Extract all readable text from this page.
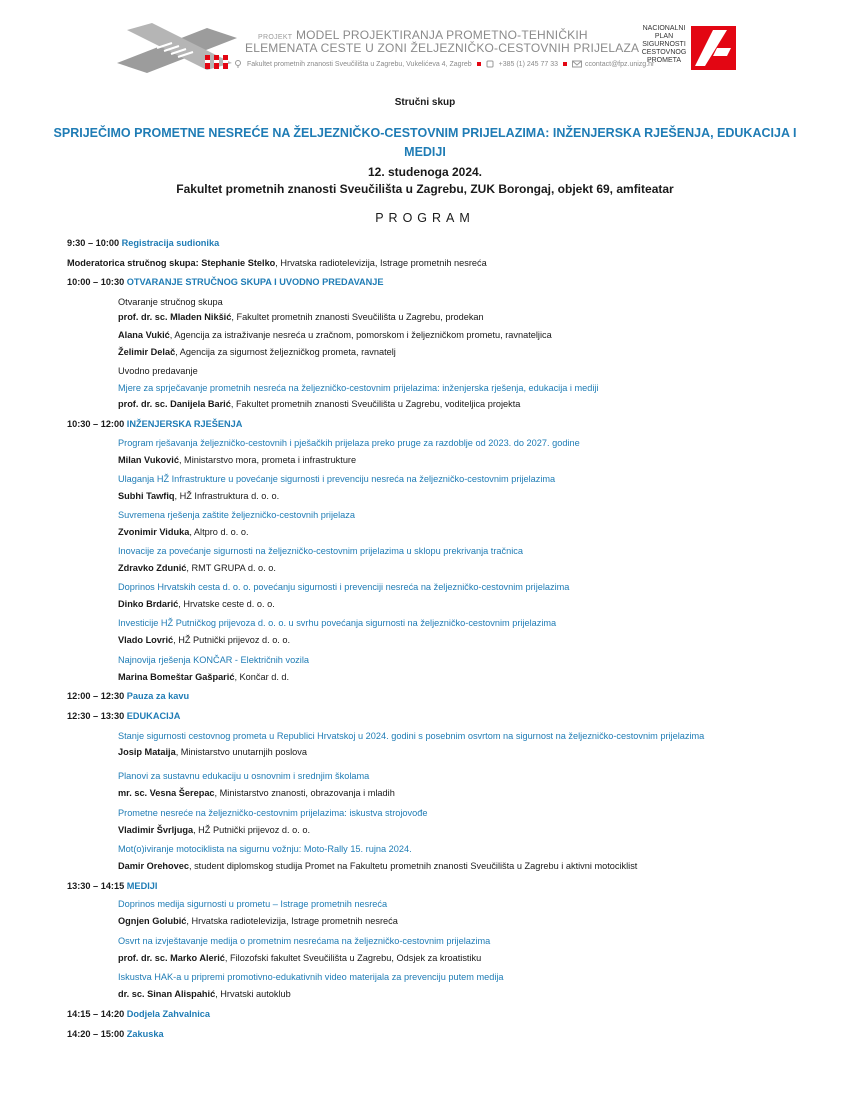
PROJEKT MODEL PROJEKTIRANJA PROMETNO-TEHNIČKIH
ELEMENATA CESTE U ZONI ŽELJEZNIČKO-CESTOVNIH PRIJELAZA
Fakultet prometnih znanosti Sveučilišta u Zagrebu, Vukelićeva 4, Zagreb	+385 (1) 245 77 33	ccontact@fpz.unizg.hr
NACIONALNI PLAN SIGURNOSTI CESTOVNOG PROMETA
Stručni skup
SPRIJEČIMO PROMETNE NESREĆE NA ŽELJEZNIČKO-CESTOVNIM PRIJELAZIMA: INŽENJERSKA RJEŠENJA, EDUKACIJA I MEDIJI
12. studenoga 2024.
Fakultet prometnih znanosti Sveučilišta u Zagrebu, ZUK Borongaj, objekt 69, amfiteatar
PROGRAM
9:30 – 10:00 Registracija sudionika
Moderatorica stručnog skupa: Stephanie Stelko, Hrvatska radiotelevizija, Istrage prometnih nesreća
10:00 – 10:30 OTVARANJE STRUČNOG SKUPA I UVODNO PREDAVANJE
Otvaranje stručnog skupa
prof. dr. sc. Mladen Nikšić, Fakultet prometnih znanosti Sveučilišta u Zagrebu, prodekan
Alana Vukić, Agencija za istraživanje nesreća u zračnom, pomorskom i željezničkom prometu, ravnateljica
Želimir Delač, Agencija za sigurnost željezničkog prometa, ravnatelj
Uvodno predavanje
Mjere za sprječavanje prometnih nesreća na željezničko-cestovnim prijelazima: inženjerska rješenja, edukacija i mediji
prof. dr. sc. Danijela Barić, Fakultet prometnih znanosti Sveučilišta u Zagrebu, voditeljica projekta
10:30 – 12:00 INŽENJERSKA RJEŠENJA
Program rješavanja željezničko-cestovnih i pješačkih prijelaza preko pruge za razdoblje od 2023. do 2027. godine
Milan Vuković, Ministarstvo mora, prometa i infrastrukture
Ulaganja HŽ Infrastrukture u povećanje sigurnosti i prevenciju nesreća na željezničko-cestovnim prijelazima
Subhi Tawfiq, HŽ Infrastruktura d. o. o.
Suvremena rješenja zaštite željezničko-cestovnih prijelaza
Zvonimir Viduka, Altpro d. o. o.
Inovacije za povećanje sigurnosti na željezničko-cestovnim prijelazima u sklopu prekrivanja tračnica
Zdravko Zdunić, RMT GRUPA d. o. o.
Doprinos Hrvatskih cesta d. o. o. povećanju sigurnosti i prevenciji nesreća na željezničko-cestovnim prijelazima
Dinko Brdarić, Hrvatske ceste d. o. o.
Investicije HŽ Putničkog prijevoza d. o. o. u svrhu povećanja sigurnosti na željezničko-cestovnim prijelazima
Vlado Lovrić, HŽ Putnički prijevoz d. o. o.
Najnovija rješenja KONČAR - Električnih vozila
Marina Bomeštar Gašparić, Končar d. d.
12:00 – 12:30 Pauza za kavu
12:30 – 13:30 EDUKACIJA
Stanje sigurnosti cestovnog prometa u Republici Hrvatskoj u 2024. godini s posebnim osvrtom na sigurnost na željezničko-cestovnim prijelazima
Josip Mataija, Ministarstvo unutarnjih poslova
Planovi za sustavnu edukaciju u osnovnim i srednjim školama
mr. sc. Vesna Šerepac, Ministarstvo znanosti, obrazovanja i mladih
Prometne nesreće na željezničko-cestovnim prijelazima: iskustva strojovođe
Vladimir Švrljuga, HŽ Putnički prijevoz d. o. o.
Mot(o)iviranje motociklista na sigurnu vožnju: Moto-Rally 15. rujna 2024.
Damir Orehovec, student diplomskog studija Promet na Fakultetu prometnih znanosti Sveučilišta u Zagrebu i aktivni motociklist
13:30 – 14:15 MEDIJI
Doprinos medija sigurnosti u prometu – Istrage prometnih nesreća
Ognjen Golubić, Hrvatska radiotelevizija, Istrage prometnih nesreća
Osvrt na izvještavanje medija o prometnim nesrećama na željezničko-cestovnim prijelazima
prof. dr. sc. Marko Alerić, Filozofski fakultet Sveučilišta u Zagrebu, Odsjek za kroatistiku
Iskustva HAK-a u pripremi promotivno-edukativnih video materijala za prevenciju putem medija
dr. sc. Sinan Alispahić, Hrvatski autoklub
14:15 – 14:20 Dodjela Zahvalnica
14:20 – 15:00 Zakuska
